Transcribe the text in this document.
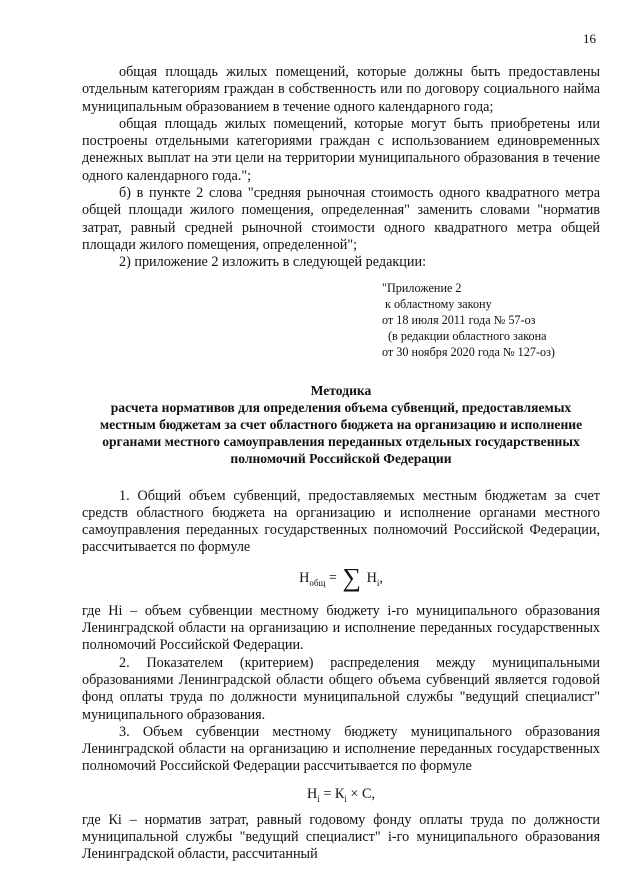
16

общая площадь жилых помещений, которые должны быть предоставлены отдельным категориям граждан в собственность или по договору социального найма муниципальным образованием в течение одного календарного года;

общая площадь жилых помещений, которые могут быть приобретены или построены отдельными категориями граждан с использованием единовременных денежных выплат на эти цели на территории муниципального образования в течение одного календарного года.";

б) в пункте 2 слова "средняя рыночная стоимость одного квадратного метра общей площади жилого помещения, определенная" заменить словами "норматив затрат, равный средней рыночной стоимости одного квадратного метра общей площади жилого помещения, определенной";

2) приложение 2 изложить в следующей редакции:

"Приложение 2
к областному закону
от 18 июля 2011 года № 57-оз
(в редакции областного закона
от 30 ноября 2020 года № 127-оз)
Методика
расчета нормативов для определения объема субвенций, предоставляемых
местным бюджетам за счет областного бюджета на организацию и исполнение
органами местного самоуправления переданных отдельных государственных
полномочий Российской Федерации

1. Общий объем субвенций, предоставляемых местным бюджетам за счет средств областного бюджета на организацию и исполнение органами местного самоуправления переданных государственных полномочий Российской Федерации, рассчитывается по формуле

$Н_{общ}$ = ∑ $Н_i$,

где Нi – объем субвенции местному бюджету i-го муниципального образования Ленинградской области на организацию и исполнение переданных государственных полномочий Российской Федерации.

2. Показателем (критерием) распределения между муниципальными образованиями Ленинградской области общего объема субвенций является годовой фонд оплаты труда по должности муниципальной службы "ведущий специалист" муниципального образования.

3. Объем субвенции местному бюджету муниципального образования Ленинградской области на организацию и исполнение переданных государственных полномочий Российской Федерации рассчитывается по формуле

$Н_i = К_i \times С$,

где Кi – норматив затрат, равный годовому фонду оплаты труда по должности муниципальной службы "ведущий специалист" i-го муниципального образования Ленинградской области, рассчитанный
